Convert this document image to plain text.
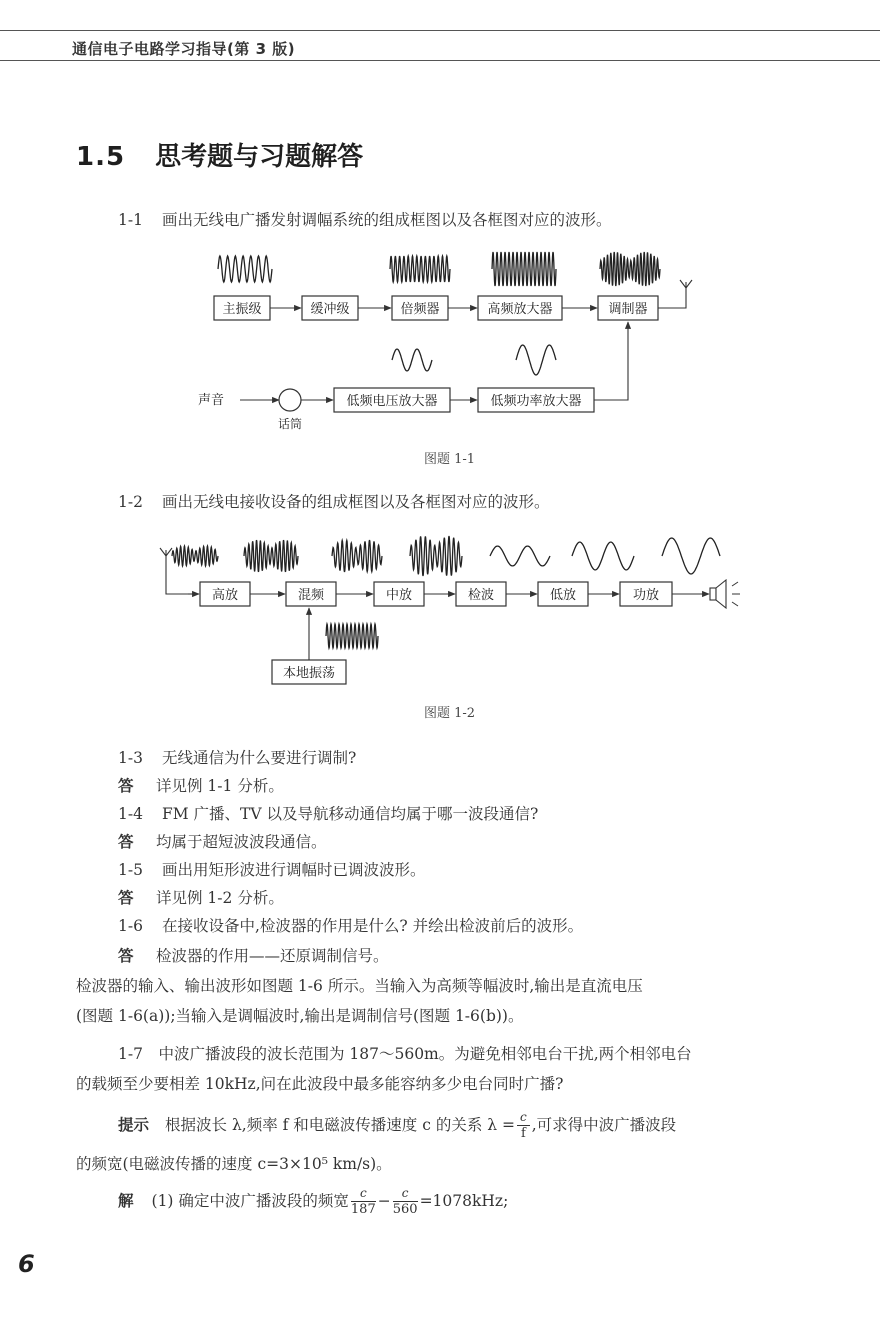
通信电子电路学习指导(第 3 版)
1.5 思考题与习题解答
1-1 画出无线电广播发射调幅系统的组成框图以及各框图对应的波形。
主振级	缓冲级	倍频器	高频放大器	调制器
声音
话筒
低频电压放大器	低频功率放大器
图题 1-1
1-2 画出无线电接收设备的组成框图以及各框图对应的波形。
高放	混频	中放	检波	低放	功放
本地振荡
图题 1-2
1-3 无线通信为什么要进行调制?
答 详见例 1-1 分析。
1-4 FM 广播、TV 以及导航移动通信均属于哪一波段通信?
答 均属于超短波波段通信。
1-5 画出用矩形波进行调幅时已调波波形。
答 详见例 1-2 分析。
1-6 在接收设备中,检波器的作用是什么? 并绘出检波前后的波形。
答 检波器的作用——还原调制信号。
检波器的输入、输出波形如图题 1-6 所示。当输入为高频等幅波时,输出是直流电压
(图题 1-6(a));当输入是调幅波时,输出是调制信号(图题 1-6(b))。
1-7　中波广播波段的波长范围为 187～560m。为避免相邻电台干扰,两个相邻电台
的载频至少要相差 10kHz,问在此波段中最多能容纳多少电台同时广播?
提示 根据波长 λ,频率 f 和电磁波传播速度 c 的关系 $\lambda = \frac{c}{f}$ ,可求得中波广播波段
的频宽(电磁波传播的速度 c=3×10⁵ km/s)。
解 (1) 确定中波广播波段的频宽 $\frac{c}{187} - \frac{c}{560} =1078kHz$;
6
